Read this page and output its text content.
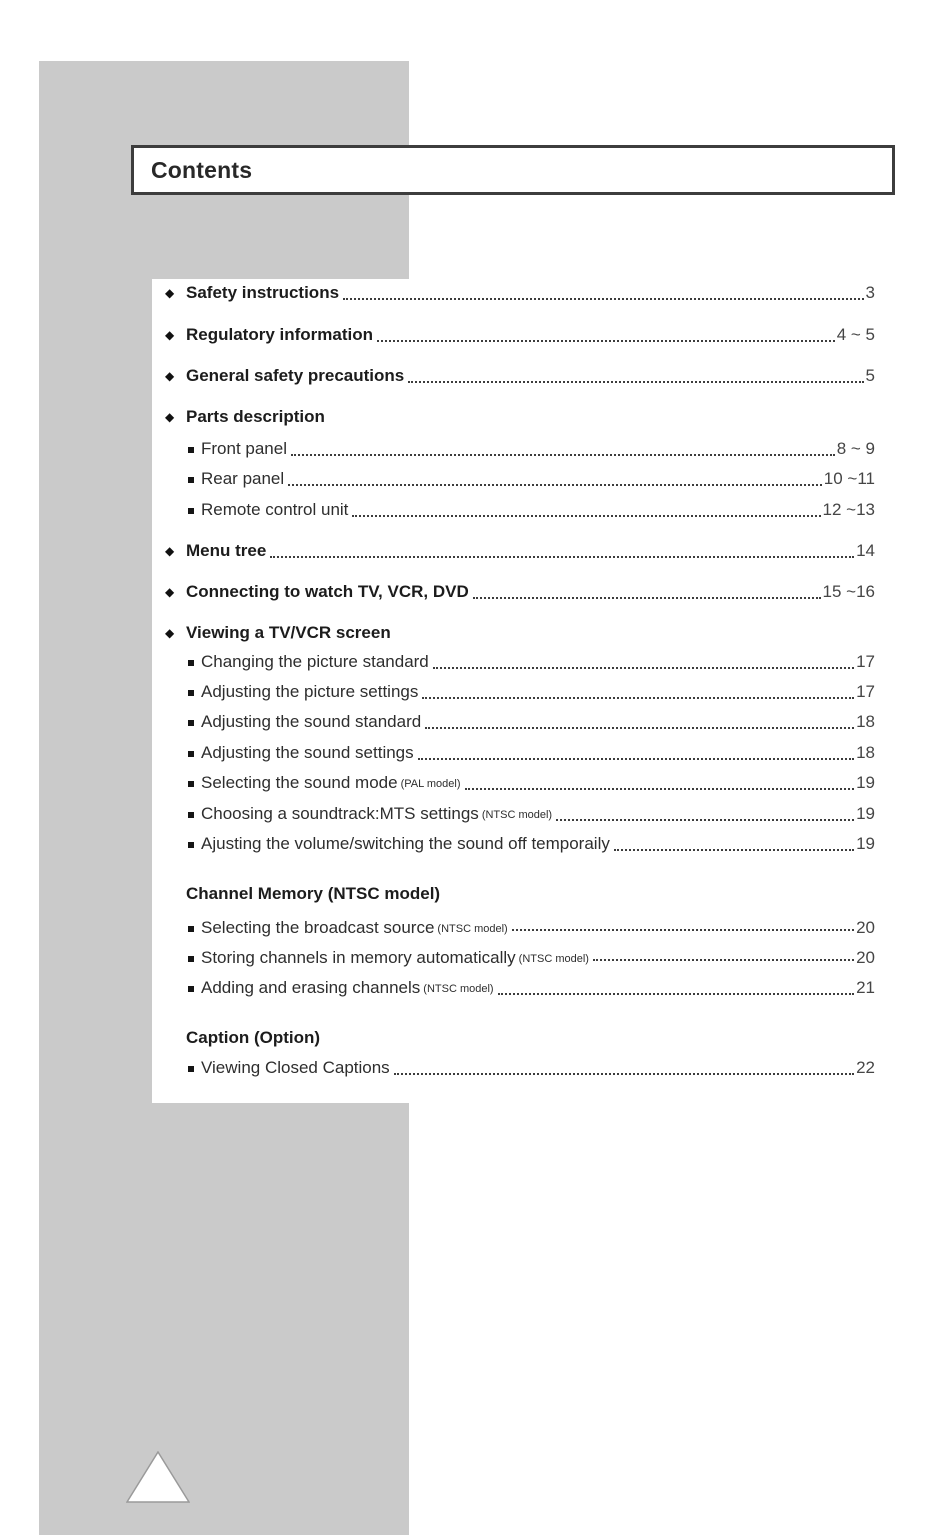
Contents
◆ Safety instructions	3
◆ Regulatory information	4 ~ 5
◆ General safety precautions	5
◆ Parts description
Front panel	8 ~ 9
Rear panel	10 ~11
Remote control unit	12 ~13
◆ Menu tree	14
◆ Connecting to watch TV, VCR, DVD	15 ~16
◆ Viewing a TV/VCR screen
Changing the picture standard	17
Adjusting the picture settings	17
Adjusting the sound standard	18
Adjusting the sound settings	18
Selecting the sound mode (PAL model)	19
Choosing a soundtrack:MTS settings (NTSC model)	19
Ajusting the volume/switching the sound off temporaily	19
Channel Memory (NTSC model)
Selecting the broadcast source (NTSC model)	20
Storing channels in memory automatically (NTSC model)	20
Adding and erasing channels (NTSC model)	21
Caption (Option)
Viewing Closed Captions	22
